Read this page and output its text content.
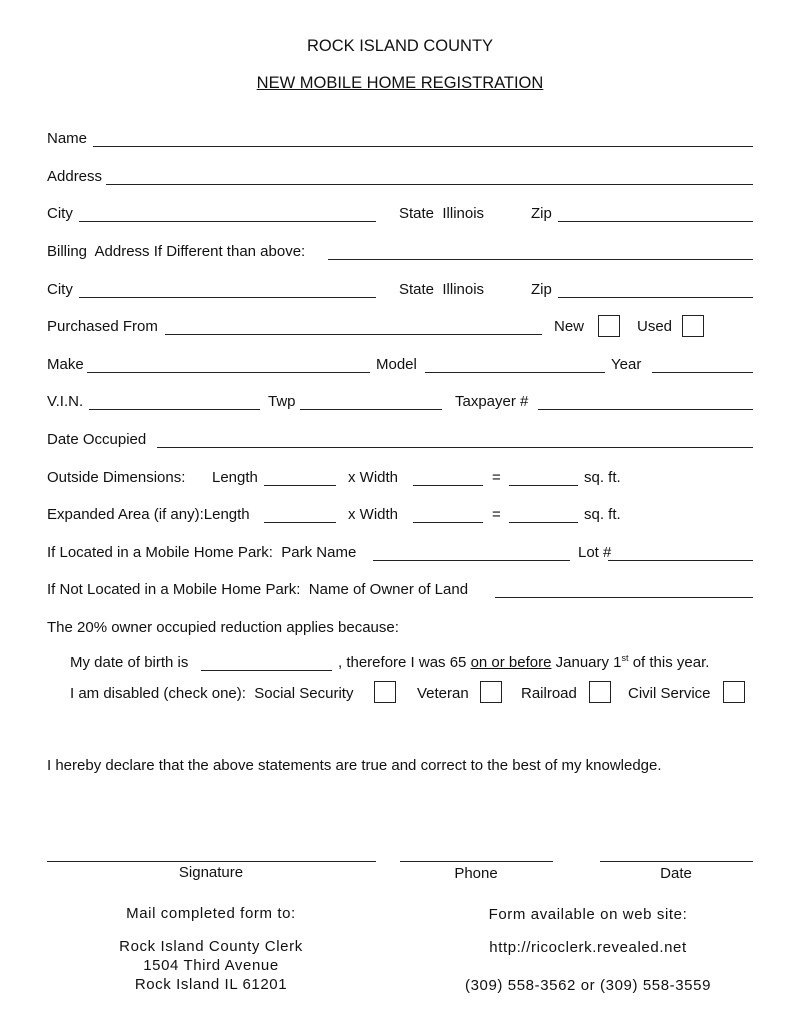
ROCK ISLAND COUNTY
NEW MOBILE HOME REGISTRATION
Name
Address
City	State  Illinois	Zip
Billing  Address If Different than above:
City	State  Illinois	Zip
Purchased From	New	Used
Make	Model	Year
V.I.N.	Twp	Taxpayer #
Date Occupied
Outside Dimensions: Length	x Width	=	sq. ft.
Expanded Area (if any):Length	x Width	=	sq. ft.
If Located in a Mobile Home Park:  Park Name	Lot #
If Not Located in a Mobile Home Park:  Name of Owner of Land
The 20% owner occupied reduction applies because:
My date of birth is	, therefore I was 65 on or before January 1st of this year.
I am disabled (check one):  Social Security	Veteran	Railroad	Civil Service
I hereby declare that the above statements are true and correct to the best of my knowledge.
Signature	Phone	Date
Mail completed form to:
Rock Island County Clerk
1504 Third Avenue
Rock Island IL 61201
Form available on web site:
http://ricoclerk.revealed.net
(309) 558-3562 or (309) 558-3559
